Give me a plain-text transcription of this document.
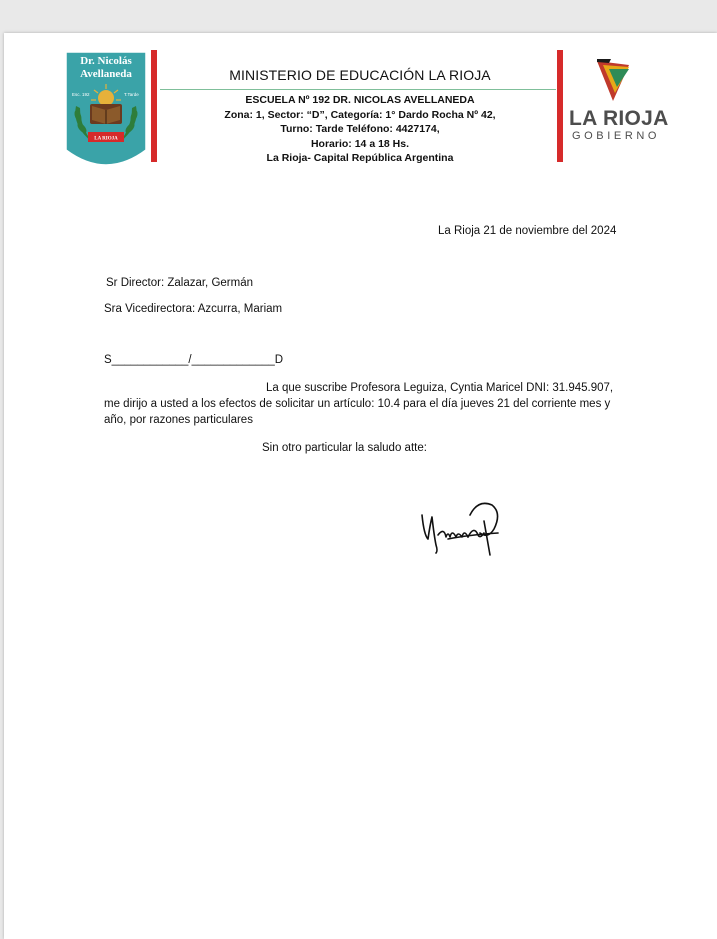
Dr. Nicolás
Avellaneda
Esc. 192	T.Tarde
LA RIOJA
MINISTERIO DE EDUCACIÓN LA RIOJA
ESCUELA Nº 192 DR. NICOLAS AVELLANEDA
Zona: 1, Sector: “D”, Categoría: 1° Dardo Rocha Nº 42,
Turno: Tarde Teléfono: 4427174,
Horario: 14 a 18 Hs.
La Rioja- Capital República Argentina
LA RIOJA
GOBIERNO
La Rioja 21 de noviembre del 2024
Sr Director: Zalazar, Germán
Sra Vicedirectora: Azcurra, Mariam
S____________/_____________D
La que suscribe Profesora Leguiza, Cyntia Maricel DNI: 31.945.907,
me dirijo a usted a los efectos de solicitar un artículo: 10.4 para el día jueves 21 del corriente mes y año, por razones particulares
Sin otro particular la saludo atte:
